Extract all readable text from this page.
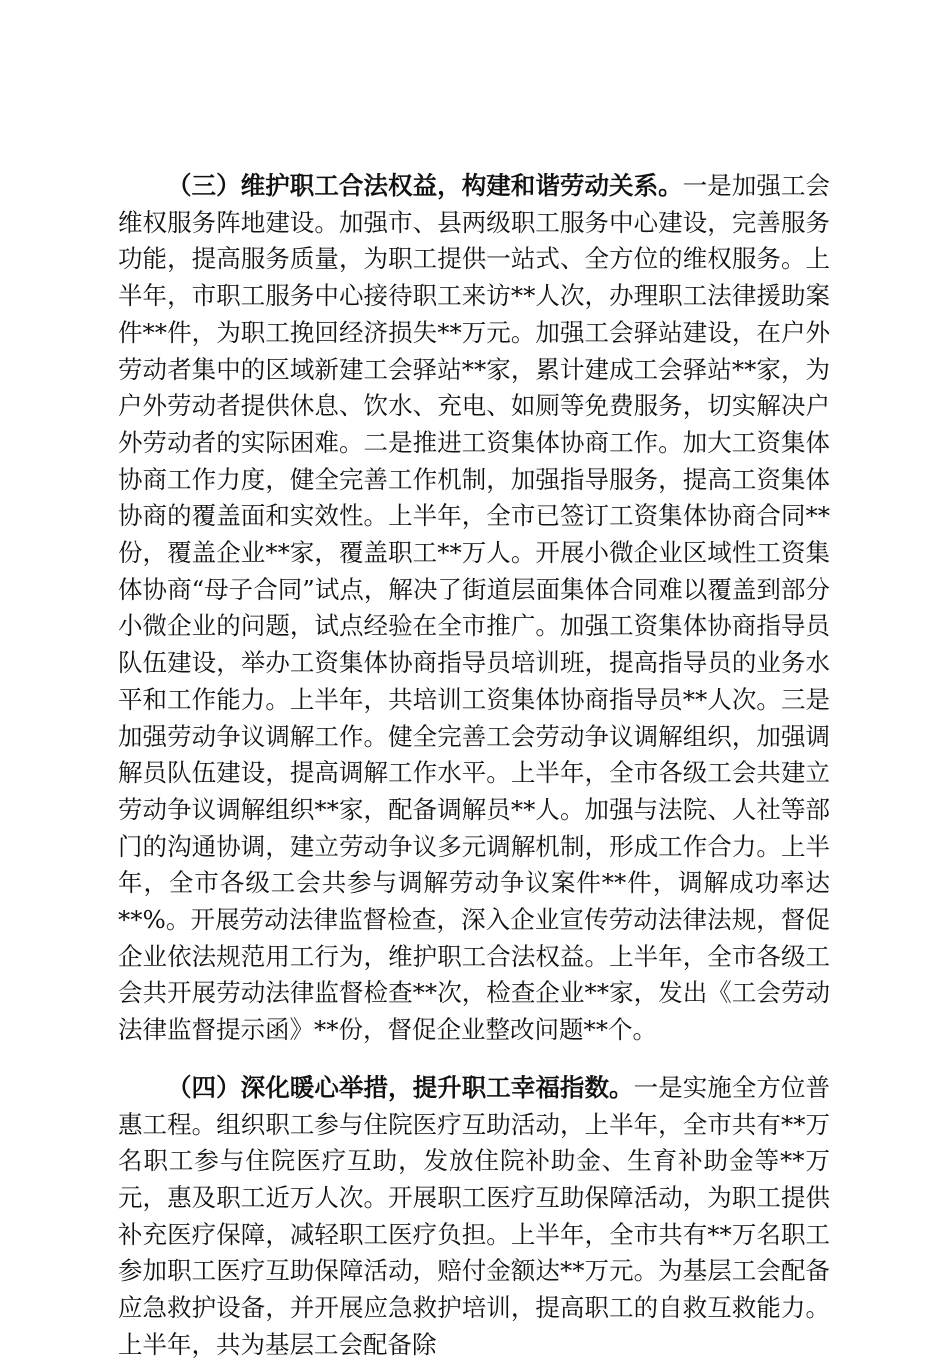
（三）维护职工合法权益，构建和谐劳动关系。一是加强工会维权服务阵地建设。加强市、县两级职工服务中心建设，完善服务功能，提高服务质量，为职工提供一站式、全方位的维权服务。上半年，市职工服务中心接待职工来访**人次，办理职工法律援助案件**件，为职工挽回经济损失**万元。加强工会驿站建设，在户外劳动者集中的区域新建工会驿站**家，累计建成工会驿站**家，为户外劳动者提供休息、饮水、充电、如厕等免费服务，切实解决户外劳动者的实际困难。二是推进工资集体协商工作。加大工资集体协商工作力度，健全完善工作机制，加强指导服务，提高工资集体协商的覆盖面和实效性。上半年，全市已签订工资集体协商合同**份，覆盖企业**家，覆盖职工**万人。开展小微企业区域性工资集体协商“母子合同”试点，解决了街道层面集体合同难以覆盖到部分小微企业的问题，试点经验在全市推广。加强工资集体协商指导员队伍建设，举办工资集体协商指导员培训班，提高指导员的业务水平和工作能力。上半年，共培训工资集体协商指导员**人次。三是加强劳动争议调解工作。健全完善工会劳动争议调解组织，加强调解员队伍建设，提高调解工作水平。上半年，全市各级工会共建立劳动争议调解组织**家，配备调解员**人。加强与法院、人社等部门的沟通协调，建立劳动争议多元调解机制，形成工作合力。上半年，全市各级工会共参与调解劳动争议案件**件，调解成功率达**%。开展劳动法律监督检查，深入企业宣传劳动法律法规，督促企业依法规范用工行为，维护职工合法权益。上半年，全市各级工会共开展劳动法律监督检查**次，检查企业**家，发出《工会劳动法律监督提示函》**份，督促企业整改问题**个。

（四）深化暖心举措，提升职工幸福指数。一是实施全方位普惠工程。组织职工参与住院医疗互助活动，上半年，全市共有**万名职工参与住院医疗互助，发放住院补助金、生育补助金等**万元，惠及职工近万人次。开展职工医疗互助保障活动，为职工提供补充医疗保障，减轻职工医疗负担。上半年，全市共有**万名职工参加职工医疗互助保障活动，赔付金额达**万元。为基层工会配备应急救护设备，并开展应急救护培训，提高职工的自救互救能力。上半年，共为基层工会配备除
